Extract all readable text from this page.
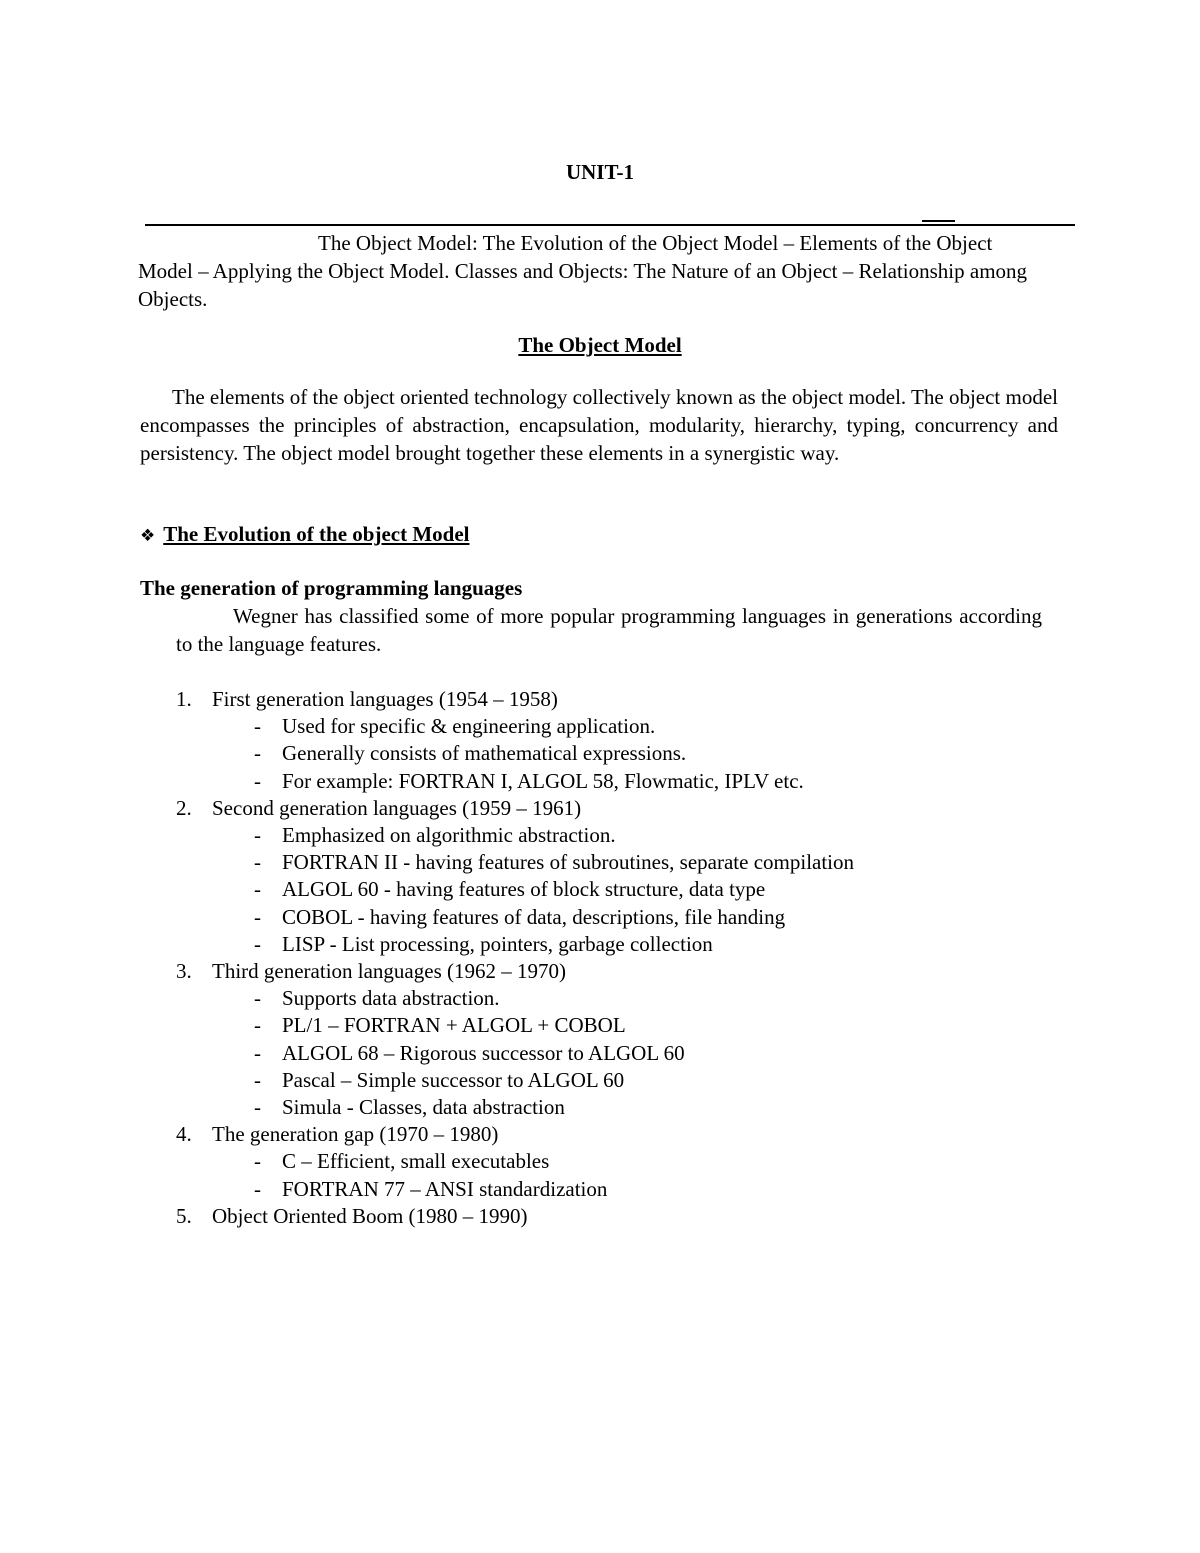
UNIT-1
The Object Model: The Evolution of the Object Model – Elements of the Object Model – Applying the Object Model. Classes and Objects: The Nature of an Object – Relationship among Objects.
The Object Model
The elements of the object oriented technology collectively known as the object model. The object model encompasses the principles of abstraction, encapsulation, modularity, hierarchy, typing, concurrency and persistency. The object model brought together these elements in a synergistic way.
❖ The Evolution of the object Model
The generation of programming languages
Wegner has classified some of more popular programming languages in generations according to the language features.
1. First generation languages (1954 – 1958)
- Used for specific & engineering application.
- Generally consists of mathematical expressions.
- For example: FORTRAN I, ALGOL 58, Flowmatic, IPLV etc.
2. Second generation languages (1959 – 1961)
- Emphasized on algorithmic abstraction.
- FORTRAN II - having features of subroutines, separate compilation
- ALGOL 60 - having features of block structure, data type
- COBOL - having features of data, descriptions, file handing
- LISP - List processing, pointers, garbage collection
3. Third generation languages (1962 – 1970)
- Supports data abstraction.
- PL/1 – FORTRAN + ALGOL + COBOL
- ALGOL 68 – Rigorous successor to ALGOL 60
- Pascal – Simple successor to ALGOL 60
- Simula - Classes, data abstraction
4. The generation gap (1970 – 1980)
- C – Efficient, small executables
- FORTRAN 77 – ANSI standardization
5. Object Oriented Boom (1980 – 1990)
